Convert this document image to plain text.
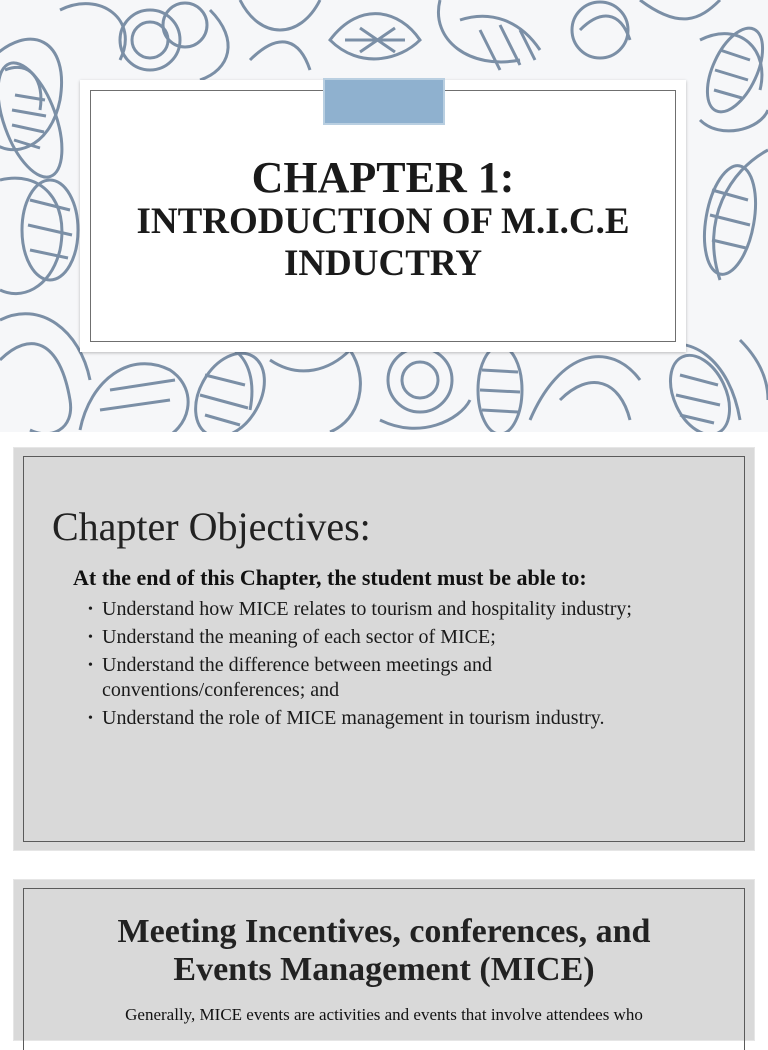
CHAPTER 1:
INTRODUCTION OF M.I.C.E
INDUCTRY
Chapter Objectives:
At the end of this Chapter, the student must be able to:
• Understand how MICE relates to tourism and hospitality industry;
• Understand the meaning of each sector of MICE;
• Understand the difference between meetings and conventions/conferences; and
• Understand the role of MICE management in tourism industry.
Meeting Incentives, conferences, and
Events Management (MICE)
Generally, MICE events are activities and events that involve attendees who
